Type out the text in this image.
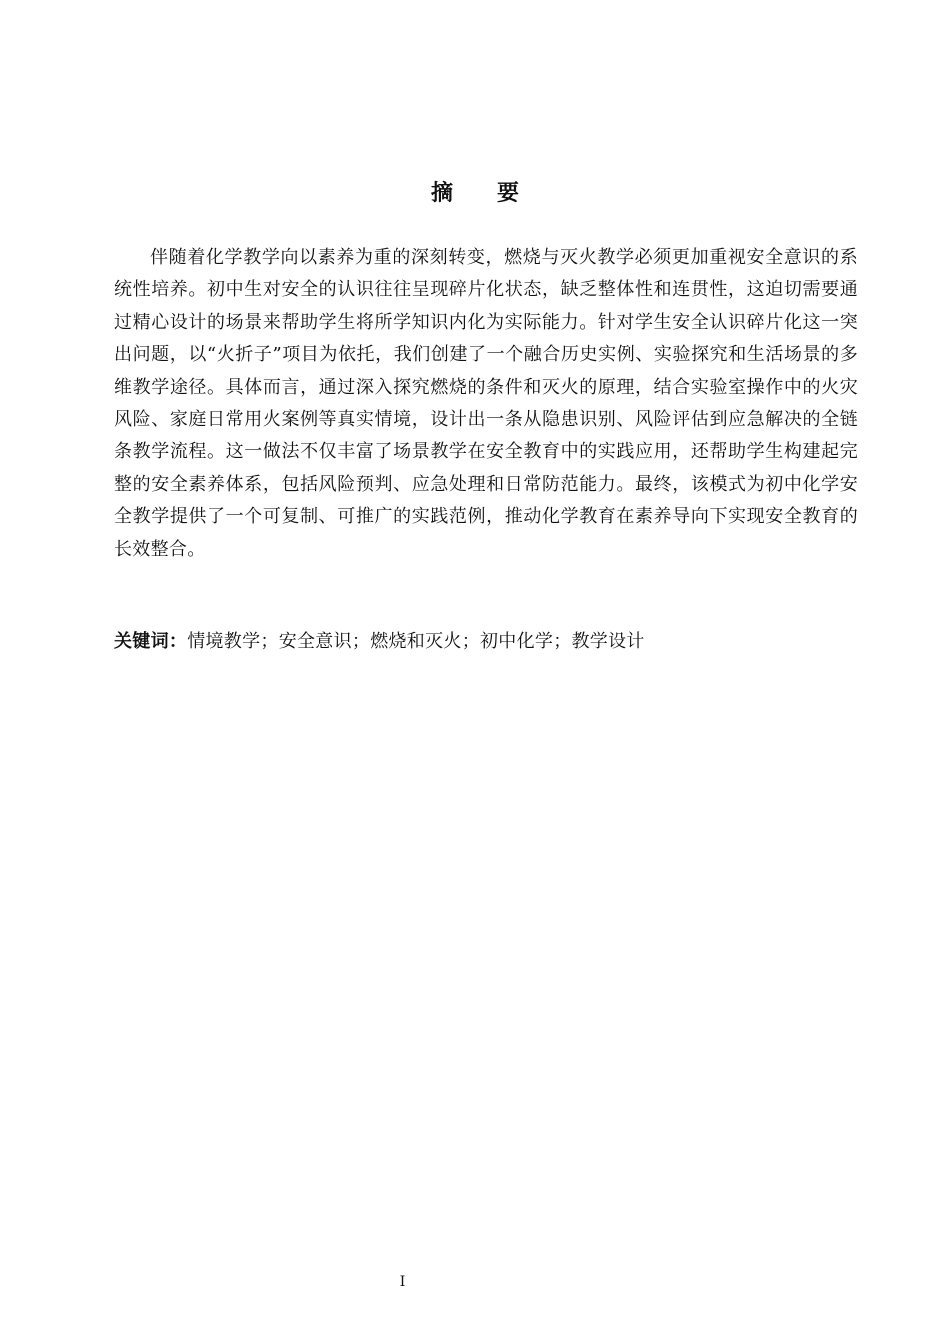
摘要

伴随着化学教学向以素养为重的深刻转变，燃烧与灭火教学必须更加重视安全意识的系统性培养。初中生对安全的认识往往呈现碎片化状态，缺乏整体性和连贯性，这迫切需要通过精心设计的场景来帮助学生将所学知识内化为实际能力。针对学生安全认识碎片化这一突出问题，以“火折子”项目为依托，我们创建了一个融合历史实例、实验探究和生活场景的多维教学途径。具体而言，通过深入探究燃烧的条件和灭火的原理，结合实验室操作中的火灾风险、家庭日常用火案例等真实情境，设计出一条从隐患识别、风险评估到应急解决的全链条教学流程。这一做法不仅丰富了场景教学在安全教育中的实践应用，还帮助学生构建起完整的安全素养体系，包括风险预判、应急处理和日常防范能力。最终，该模式为初中化学安全教学提供了一个可复制、可推广的实践范例，推动化学教育在素养导向下实现安全教育的长效整合。

关键词：情境教学；安全意识；燃烧和灭火；初中化学；教学设计

I
